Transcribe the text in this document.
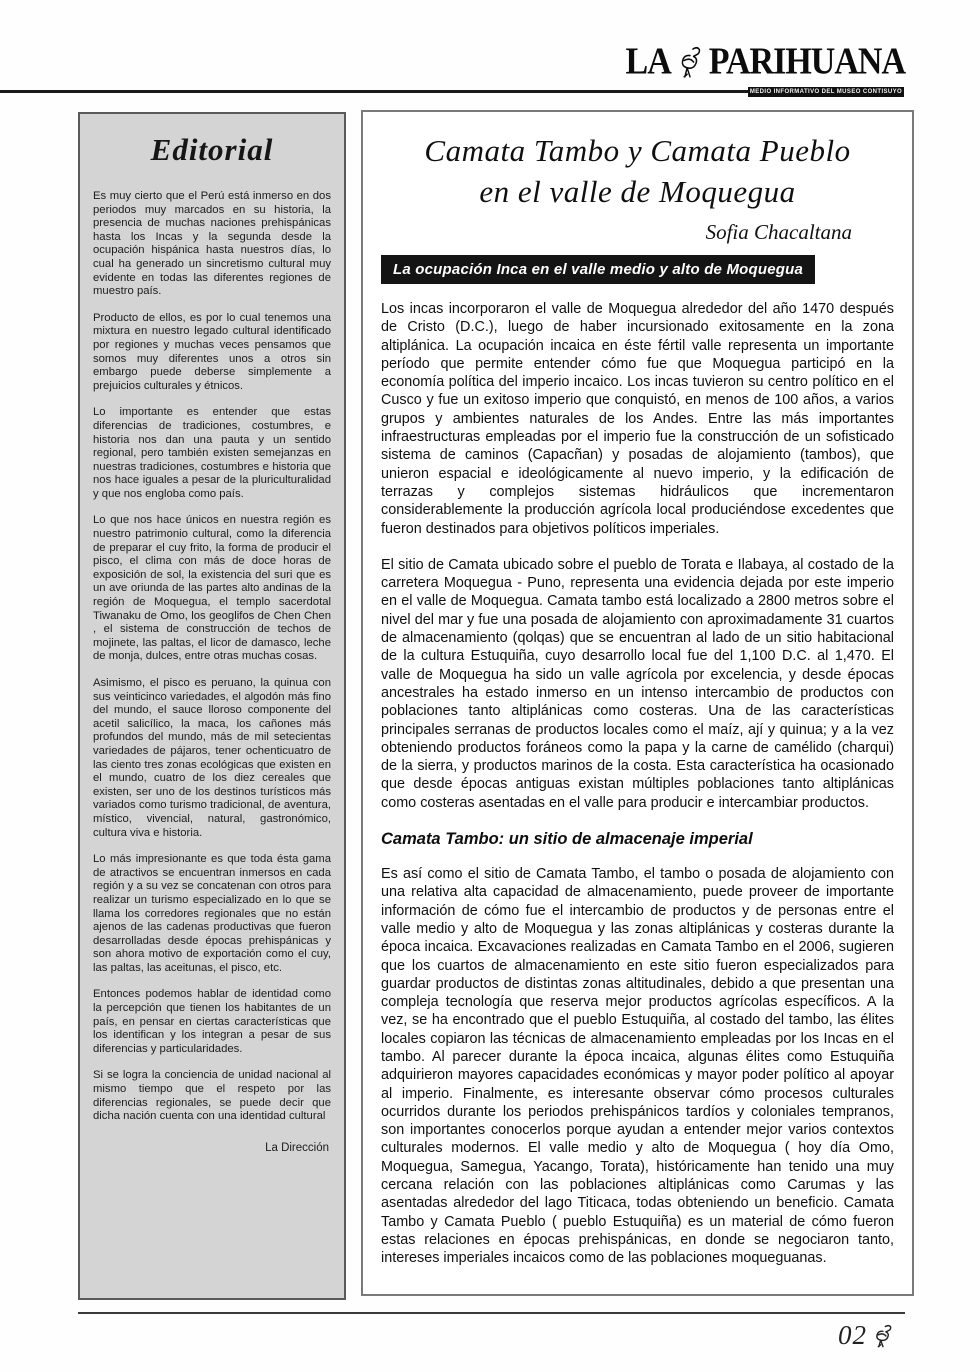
LA PARIHUANA
MEDIO INFORMATIVO DEL MUSEO CONTISUYO
Editorial

Es muy cierto que el Perú está inmerso en dos periodos muy marcados en su historia, la presencia de muchas naciones prehispánicas hasta los Incas y la segunda desde la ocupación hispánica hasta nuestros días, lo cual ha generado un sincretismo cultural muy evidente en todas las diferentes regiones de muestro país.

Producto de ellos, es por lo cual tenemos una mixtura en nuestro legado cultural identificado por regiones y muchas veces pensamos que somos muy diferentes unos a otros sin embargo puede deberse simplemente a prejuicios culturales y étnicos.

Lo importante es entender que estas diferencias de tradiciones, costumbres, e historia nos dan una pauta y un sentido regional, pero también existen semejanzas en nuestras tradiciones, costumbres e historia que nos hace iguales a pesar de la pluriculturalidad y que nos engloba como país.

Lo que nos hace únicos en nuestra región es nuestro patrimonio cultural, como la diferencia de preparar el cuy frito, la forma de producir el pisco, el clima con más de doce horas de exposición de sol, la existencia del suri que es un ave oriunda de las partes alto andinas de la región de Moquegua, el templo sacerdotal Tiwanaku de Omo, los geoglifos de Chen Chen , el sistema de construcción de techos de mojinete, las paltas, el licor de damasco, leche de monja, dulces, entre otras muchas cosas.

Asimismo, el pisco es peruano, la quinua con sus veinticinco variedades, el algodón más fino del mundo, el sauce lloroso componente del acetil salicílico, la maca, los cañones más profundos del mundo, más de mil setecientas variedades de pájaros, tener ochenticuatro de las ciento tres zonas ecológicas que existen en el mundo, cuatro de los diez cereales que existen, ser uno de los destinos turísticos más variados como turismo tradicional, de aventura, místico, vivencial, natural, gastronómico, cultura viva e historia.

Lo más impresionante es que toda ésta gama de atractivos se encuentran inmersos en cada región y a su vez se concatenan con otros para realizar un turismo especializado en lo que se llama los corredores regionales que no están ajenos de las cadenas productivas que fueron desarrolladas desde épocas prehispánicas y son ahora motivo de exportación como el cuy, las paltas, las aceitunas, el pisco, etc.

Entonces podemos hablar de identidad como la percepción que tienen los habitantes de un país, en pensar en ciertas características que los identifican y los integran a pesar de sus diferencias y particularidades.

Si se logra la conciencia de unidad nacional al mismo tiempo que el respeto por las diferencias regionales, se puede decir que dicha nación cuenta con una identidad cultural

La Dirección
Camata Tambo y Camata Pueblo
en el valle de Moquegua
Sofia Chacaltana
La ocupación Inca en el valle medio y alto de Moquegua

Los incas incorporaron el valle de Moquegua alrededor del año 1470 después de Cristo (D.C.), luego de haber incursionado exitosamente en la zona altiplánica. La ocupación incaica en éste fértil valle representa un importante período que permite entender cómo fue que Moquegua participó en la economía política del imperio incaico. Los incas tuvieron su centro político en el Cusco y fue un exitoso imperio que conquistó, en menos de 100 años, a varios grupos y ambientes naturales de los Andes. Entre las más importantes infraestructuras empleadas por el imperio fue la construcción de un sofisticado sistema de caminos (Capacñan) y posadas de alojamiento (tambos), que unieron espacial e ideológicamente al nuevo imperio, y la edificación de terrazas y complejos sistemas hidráulicos que incrementaron considerablemente la producción agrícola local produciéndose excedentes que fueron destinados para objetivos políticos imperiales.

El sitio de Camata ubicado sobre el pueblo de Torata e Ilabaya, al costado de la carretera Moquegua - Puno, representa una evidencia dejada por este imperio en el valle de Moquegua. Camata tambo está localizado a 2800 metros sobre el nivel del mar y fue una posada de alojamiento con aproximadamente 31 cuartos de almacenamiento (qolqas) que se encuentran al lado de un sitio habitacional de la cultura Estuquiña, cuyo desarrollo local fue del 1,100 D.C. al 1,470. El valle de Moquegua ha sido un valle agrícola por excelencia, y desde épocas ancestrales ha estado inmerso en un intenso intercambio de productos con poblaciones tanto altiplánicas como costeras. Una de las características principales serranas de productos locales como el maíz, ají y quinua; y a la vez obteniendo productos foráneos como la papa y la carne de camélido (charqui) de la sierra, y productos marinos de la costa. Esta característica ha ocasionado que desde épocas antiguas existan múltiples poblaciones tanto altiplánicas como costeras asentadas en el valle para producir e intercambiar productos.

Camata Tambo: un sitio de almacenaje imperial

Es así como el sitio de Camata Tambo, el tambo o posada de alojamiento con una relativa alta capacidad de almacenamiento, puede proveer de importante información de cómo fue el intercambio de productos y de personas entre el valle medio y alto de Moquegua y las zonas altiplánicas y costeras durante la época incaica. Excavaciones realizadas en Camata Tambo en el 2006, sugieren que los cuartos de almacenamiento en este sitio fueron especializados para guardar productos de distintas zonas altitudinales, debido a que presentan una compleja tecnología que reserva mejor productos agrícolas específicos. A la vez, se ha encontrado que el pueblo Estuquiña, al costado del tambo, las élites locales copiaron las técnicas de almacenamiento empleadas por los Incas en el tambo. Al parecer durante la época incaica, algunas élites como Estuquiña adquirieron mayores capacidades económicas y mayor poder político al apoyar al imperio. Finalmente, es interesante observar cómo procesos culturales ocurridos durante los periodos prehispánicos tardíos y coloniales tempranos, son importantes conocerlos porque ayudan a entender mejor varios contextos culturales modernos. El valle medio y alto de Moquegua ( hoy día Omo, Moquegua, Samegua, Yacango, Torata), históricamente han tenido una muy cercana relación con las poblaciones altiplánicas como Carumas y las asentadas alrededor del lago Titicaca, todas obteniendo un beneficio. Camata Tambo y Camata Pueblo ( pueblo Estuquiña) es un material de cómo fueron estas relaciones en épocas prehispánicas, en donde se negociaron tanto, intereses imperiales incaicos como de las poblaciones moqueguanas.

02
